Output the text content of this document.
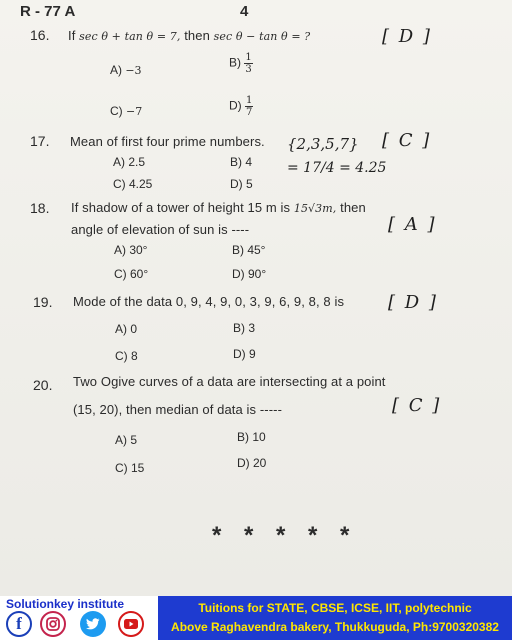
R - 77 A	4
16. If sec θ + tan θ = 7, then sec θ − tan θ = ?	[ D ]
A) −3
$B) \frac{1}{3}$
C) −7	$D) \frac{1}{7}$
17. Mean of first four prime numbers. {2,3,5,7}
= 17/4 = 4.25
[ C ]
A) 2.5	B) 4
C) 4.25	D) 5
18. If shadow of a tower of height 15 m is 15√3m, then
angle of elevation of sun is ----	[ A ]
A) 30°	B) 45°
C) 60°	D) 90°
19. Mode of the data 0, 9, 4, 9, 0, 3, 9, 6, 9, 8, 8 is [ D ]
A) 0	B) 3
C) 8	D) 9
20. Two Ogive curves of a data are intersecting at a point
(15, 20), then median of data is -----	[ C ]
A) 5	B) 10
C) 15	D) 20
* * * * *
Solutionkey institute
f
Tuitions for STATE, CBSE, ICSE, IIT, polytechnic
Above Raghavendra bakery, Thukkuguda, Ph:9700320382
